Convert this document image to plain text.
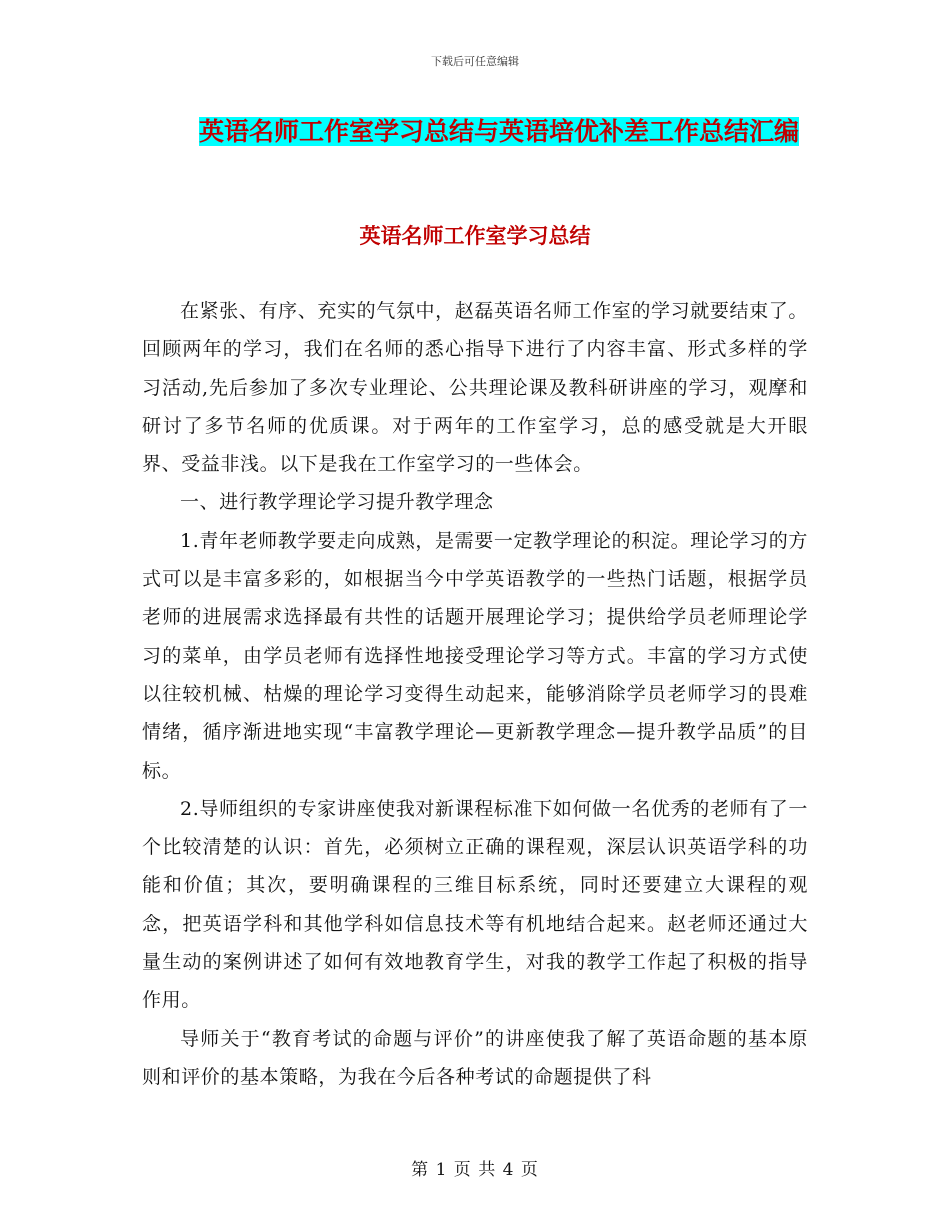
下载后可任意编辑
英语名师工作室学习总结与英语培优补差工作总结汇编
英语名师工作室学习总结

在紧张、有序、充实的气氛中，赵磊英语名师工作室的学习就要结束了。回顾两年的学习，我们在名师的悉心指导下进行了内容丰富、形式多样的学习活动,先后参加了多次专业理论、公共理论课及教科研讲座的学习，观摩和研讨了多节名师的优质课。对于两年的工作室学习，总的感受就是大开眼界、受益非浅。以下是我在工作室学习的一些体会。

一、进行教学理论学习提升教学理念

1.青年老师教学要走向成熟，是需要一定教学理论的积淀。理论学习的方式可以是丰富多彩的，如根据当今中学英语教学的一些热门话题，根据学员老师的进展需求选择最有共性的话题开展理论学习；提供给学员老师理论学习的菜单，由学员老师有选择性地接受理论学习等方式。丰富的学习方式使以往较机械、枯燥的理论学习变得生动起来，能够消除学员老师学习的畏难情绪，循序渐进地实现“丰富教学理论—更新教学理念—提升教学品质”的目标。

2.导师组织的专家讲座使我对新课程标准下如何做一名优秀的老师有了一个比较清楚的认识：首先，必须树立正确的课程观，深层认识英语学科的功能和价值；其次，要明确课程的三维目标系统，同时还要建立大课程的观念，把英语学科和其他学科如信息技术等有机地结合起来。赵老师还通过大量生动的案例讲述了如何有效地教育学生，对我的教学工作起了积极的指导作用。

导师关于“教育考试的命题与评价”的讲座使我了解了英语命题的基本原则和评价的基本策略，为我在今后各种考试的命题提供了科

第 1 页 共 4 页
